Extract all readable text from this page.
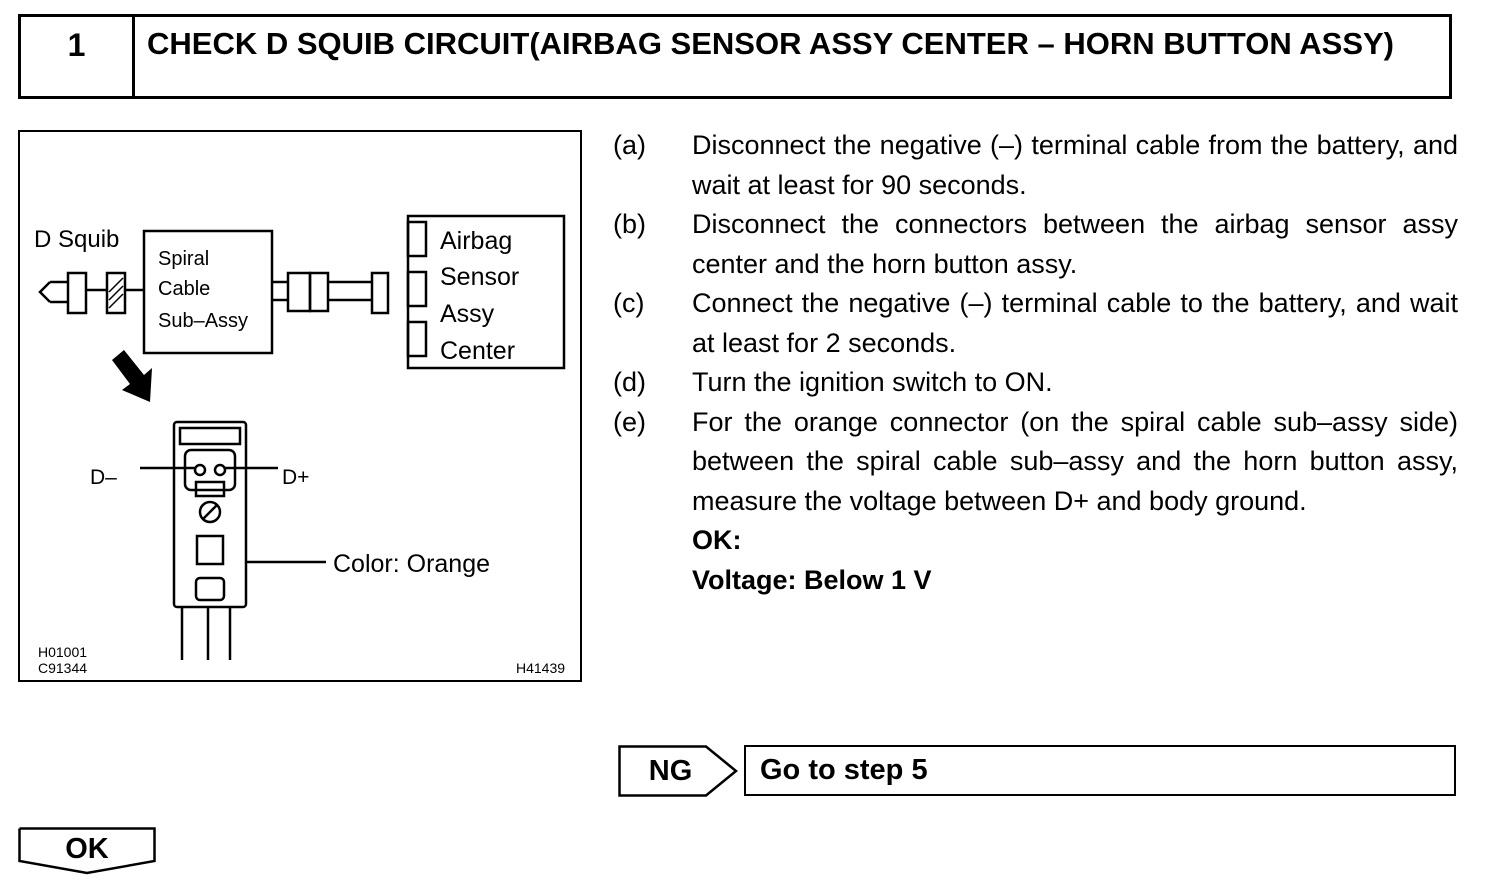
1	CHECK D SQUIB CIRCUIT(AIRBAG SENSOR ASSY CENTER – HORN BUTTON ASSY)
D Squib
Spiral
Cable
Sub–Assy
Airbag
Sensor
Assy
Center
D–	D+
Color: Orange
H01001
C91344	H41439
(a)	Disconnect the negative (–) terminal cable from the battery, and wait at least for 90 seconds.
(b)	Disconnect the connectors between the airbag sensor assy center and the horn button assy.
(c)	Connect the negative (–) terminal cable to the battery, and wait at least for 2 seconds.
(d)	Turn the ignition switch to ON.
(e)	For the orange connector (on the spiral cable sub–assy side) between the spiral cable sub–assy and the horn button assy, measure the voltage between D+ and body ground.
OK:
Voltage: Below 1 V
NG	Go to step 5
OK
